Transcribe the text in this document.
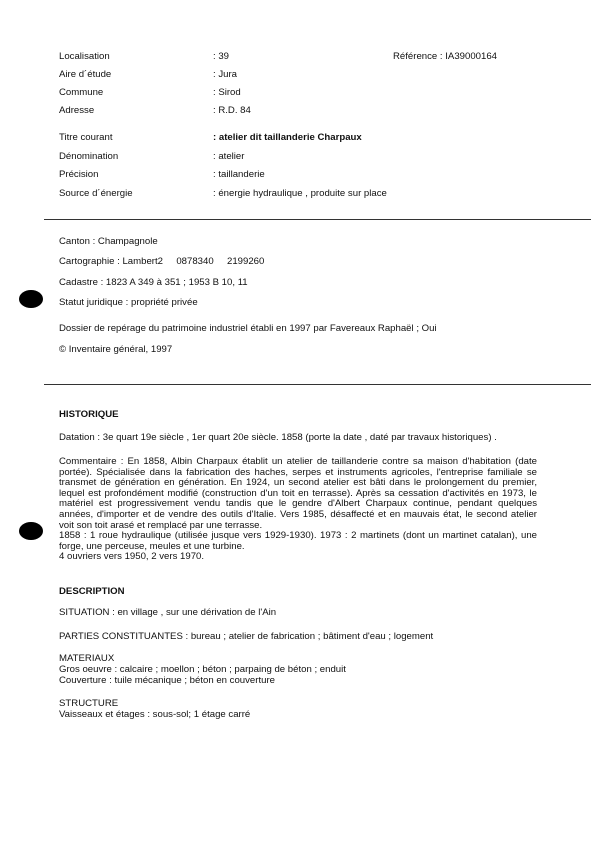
Localisation	: 39	Référence : IA39000164
Aire d´étude	: Jura
Commune	: Sirod
Adresse	: R.D. 84
Titre courant	: atelier dit taillanderie Charpaux
Dénomination	: atelier
Précision	: taillanderie
Source d´énergie	: énergie hydraulique , produite sur place
Canton : Champagnole
Cartographie : Lambert2     0878340     2199260
Cadastre : 1823 A 349 à 351 ; 1953 B 10, 11
Statut juridique : propriété privée
Dossier de repérage du patrimoine industriel établi en 1997 par Favereaux Raphaël ; Oui
© Inventaire général, 1997
HISTORIQUE
Datation : 3e quart 19e siècle , 1er quart 20e siècle. 1858 (porte la date , daté par travaux historiques) .

Commentaire : En 1858, Albin Charpaux établit un atelier de taillanderie contre sa maison d'habitation (date portée). Spécialisée dans la fabrication des haches, serpes et instruments agricoles, l'entreprise familiale se transmet de génération en génération. En 1924, un second atelier est bâti dans le prolongement du premier, lequel est profondément modifié (construction d'un toit en terrasse). Après sa cessation d'activités en 1973, le matériel est progressivement vendu tandis que le gendre d'Albert Charpaux continue, pendant quelques années, d'importer et de vendre des outils d'Italie. Vers 1985, désaffecté et en mauvais état, le second atelier voit son toit arasé et remplacé par une terrasse.

1858 : 1 roue hydraulique (utilisée jusque vers 1929-1930). 1973 : 2 martinets (dont un martinet catalan), une forge, une perceuse, meules et une turbine.

4 ouvriers vers 1950, 2 vers 1970.

DESCRIPTION
SITUATION : en village , sur une dérivation de l'Ain
PARTIES CONSTITUANTES : bureau ; atelier de fabrication ; bâtiment d'eau ; logement
MATERIAUX
Gros oeuvre : calcaire ; moellon ; béton ; parpaing de béton ; enduit
Couverture : tuile mécanique ; béton en couverture
STRUCTURE
Vaisseaux et étages : sous-sol; 1 étage carré
